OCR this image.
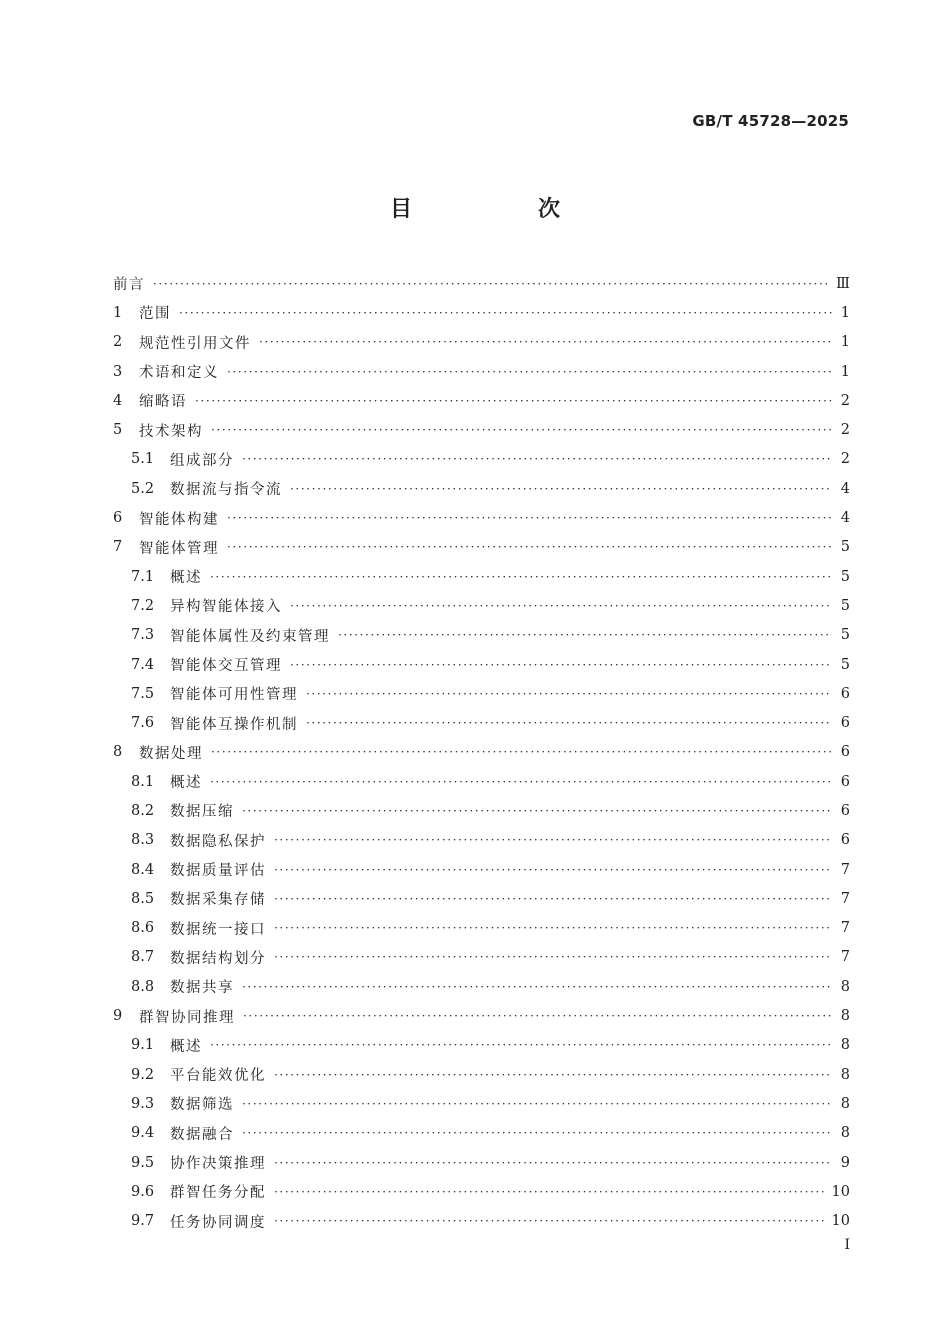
GB/T 45728—2025
目　次
前言 ·····	Ⅲ
1	范围 ·····	1
2	规范性引用文件 ·····	1
3	术语和定义 ·····	1
4	缩略语 ·····	2
5	技术架构 ·····	2
5.1	组成部分 ·····	2
5.2	数据流与指令流 ·····	4
6	智能体构建 ·····	4
7	智能体管理 ·····	5
7.1	概述 ·····	5
7.2	异构智能体接入 ·····	5
7.3	智能体属性及约束管理 ·····	5
7.4	智能体交互管理 ·····	5
7.5	智能体可用性管理 ·····	6
7.6	智能体互操作机制 ·····	6
8	数据处理 ·····	6
8.1	概述 ·····	6
8.2	数据压缩 ·····	6
8.3	数据隐私保护 ·····	6
8.4	数据质量评估 ·····	7
8.5	数据采集存储 ·····	7
8.6	数据统一接口 ·····	7
8.7	数据结构划分 ·····	7
8.8	数据共享 ·····	8
9	群智协同推理 ·····	8
9.1	概述 ·····	8
9.2	平台能效优化 ·····	8
9.3	数据筛选 ·····	8
9.4	数据融合 ·····	8
9.5	协作决策推理 ·····	9
9.6	群智任务分配 ·····	10
9.7	任务协同调度 ·····	10
I
